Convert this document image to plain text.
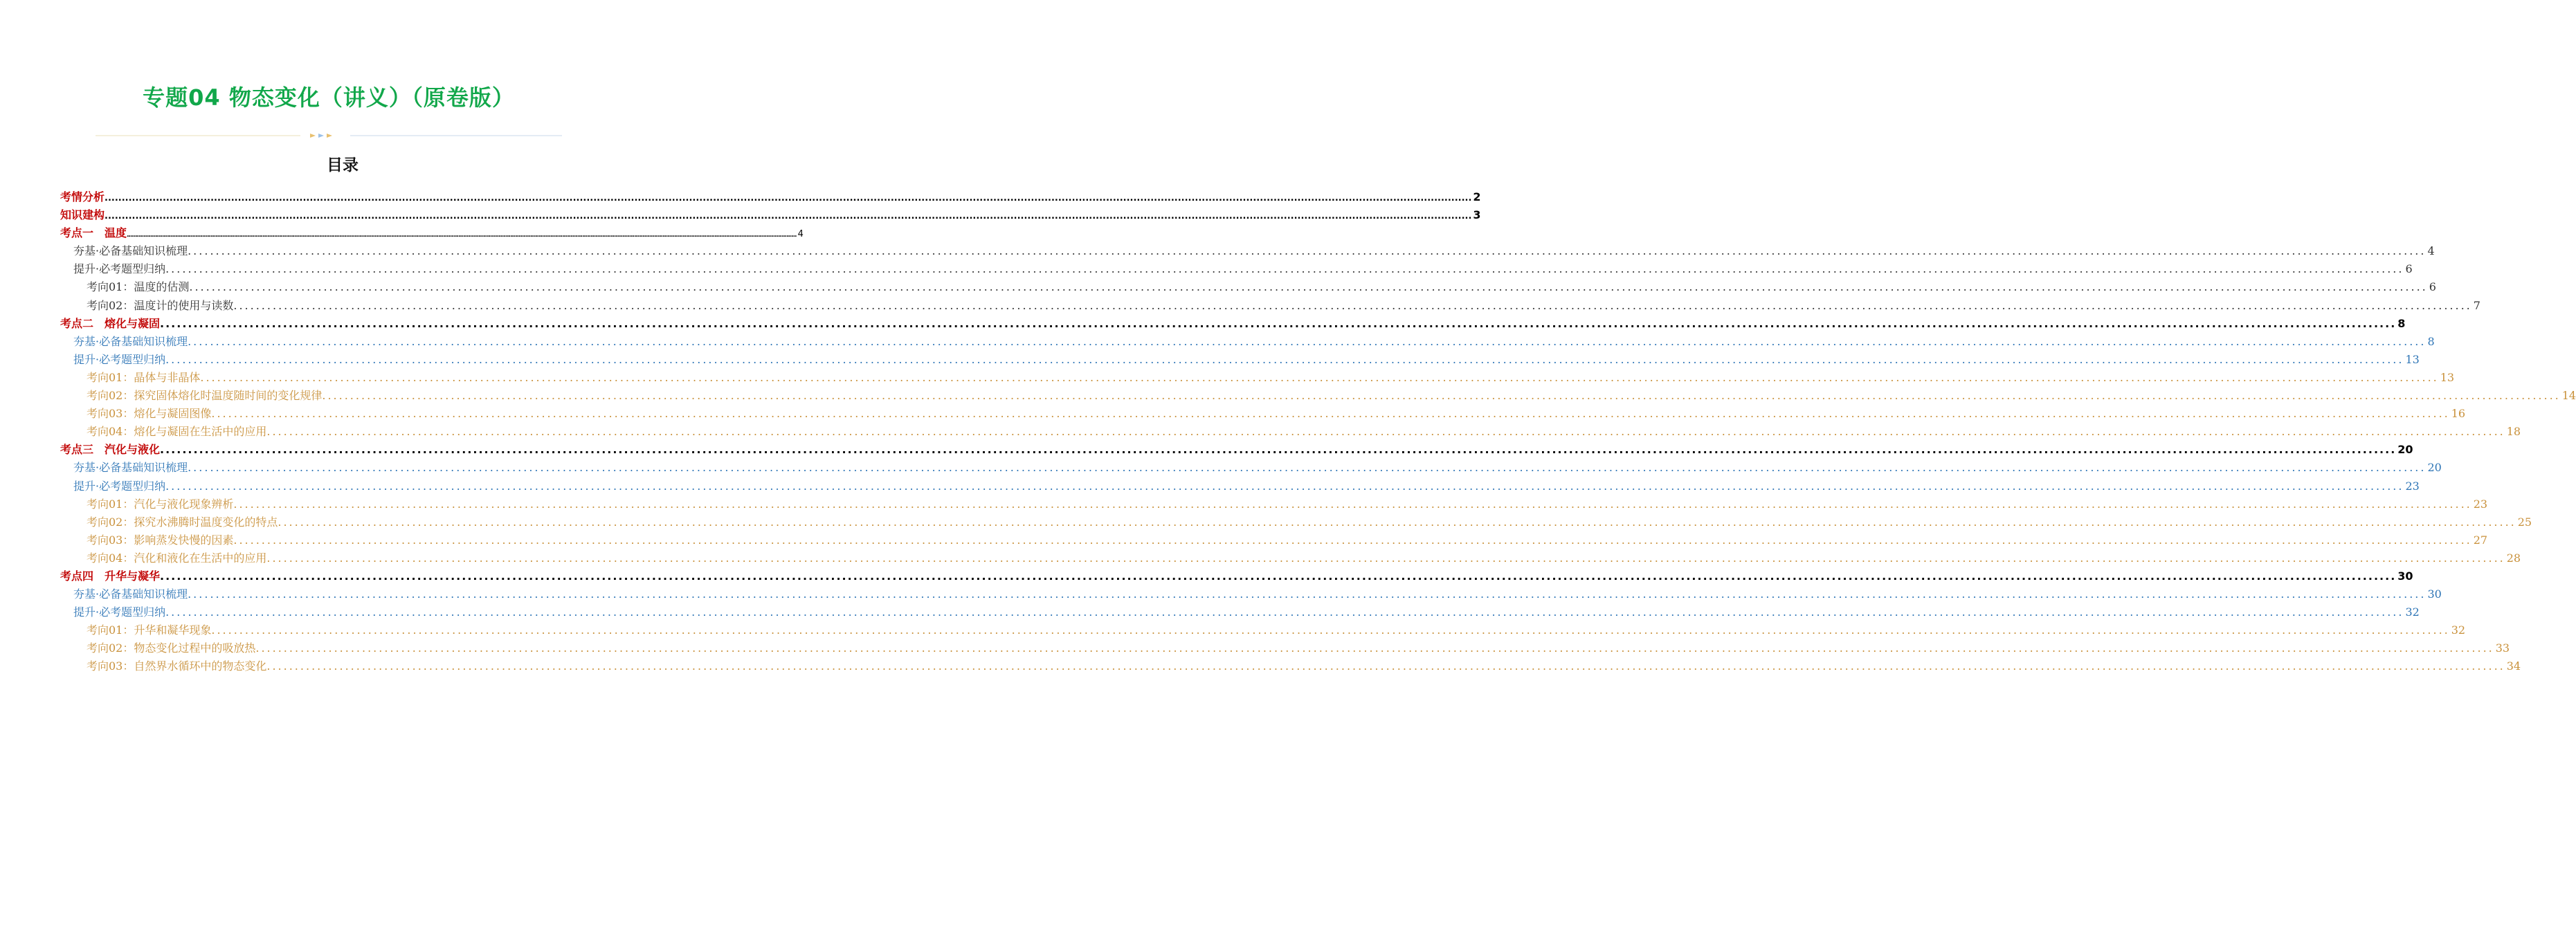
专题04 物态变化（讲义）（原卷版）
目录
考情分析 ................................................................................................................................................................................................................................................................................................................................................................................................................ 2
知识建构 ................................................................................................................................................................................................................................................................................................................................................................................................................ 3
考点一　温度 ................................................................................................................................................................................................................................................................................................................................................................................................................ 4
夯基·必备基础知识梳理 ................................................................................................................................................................................................................................................................................................................................................................................................................ 4
提升·必考题型归纳 ................................................................................................................................................................................................................................................................................................................................................................................................................ 6
考向01：温度的估测 ................................................................................................................................................................................................................................................................................................................................................................................................................ 6
考向02：温度计的使用与读数 ................................................................................................................................................................................................................................................................................................................................................................................................................ 7
考点二　熔化与凝固 ................................................................................................................................................................................................................................................................................................................................................................................................................ 8
夯基·必备基础知识梳理 ................................................................................................................................................................................................................................................................................................................................................................................................................ 8
提升·必考题型归纳 ................................................................................................................................................................................................................................................................................................................................................................................................................ 13
考向01：晶体与非晶体 ................................................................................................................................................................................................................................................................................................................................................................................................................ 13
考向02：探究固体熔化时温度随时间的变化规律 ................................................................................................................................................................................................................................................................................................................................................................................................................ 14
考向03：熔化与凝固图像 ................................................................................................................................................................................................................................................................................................................................................................................................................ 16
考向04：熔化与凝固在生活中的应用 ................................................................................................................................................................................................................................................................................................................................................................................................................ 18
考点三　汽化与液化 ................................................................................................................................................................................................................................................................................................................................................................................................................ 20
夯基·必备基础知识梳理 ................................................................................................................................................................................................................................................................................................................................................................................................................ 20
提升·必考题型归纳 ................................................................................................................................................................................................................................................................................................................................................................................................................ 23
考向01：汽化与液化现象辨析 ................................................................................................................................................................................................................................................................................................................................................................................................................ 23
考向02：探究水沸腾时温度变化的特点 ................................................................................................................................................................................................................................................................................................................................................................................................................ 25
考向03：影响蒸发快慢的因素 ................................................................................................................................................................................................................................................................................................................................................................................................................ 27
考向04：汽化和液化在生活中的应用 ................................................................................................................................................................................................................................................................................................................................................................................................................ 28
考点四　升华与凝华 ................................................................................................................................................................................................................................................................................................................................................................................................................ 30
夯基·必备基础知识梳理 ................................................................................................................................................................................................................................................................................................................................................................................................................ 30
提升·必考题型归纳 ................................................................................................................................................................................................................................................................................................................................................................................................................ 32
考向01：升华和凝华现象 ................................................................................................................................................................................................................................................................................................................................................................................................................ 32
考向02：物态变化过程中的吸放热 ................................................................................................................................................................................................................................................................................................................................................................................................................ 33
考向03：自然界水循环中的物态变化 ................................................................................................................................................................................................................................................................................................................................................................................................................ 34
